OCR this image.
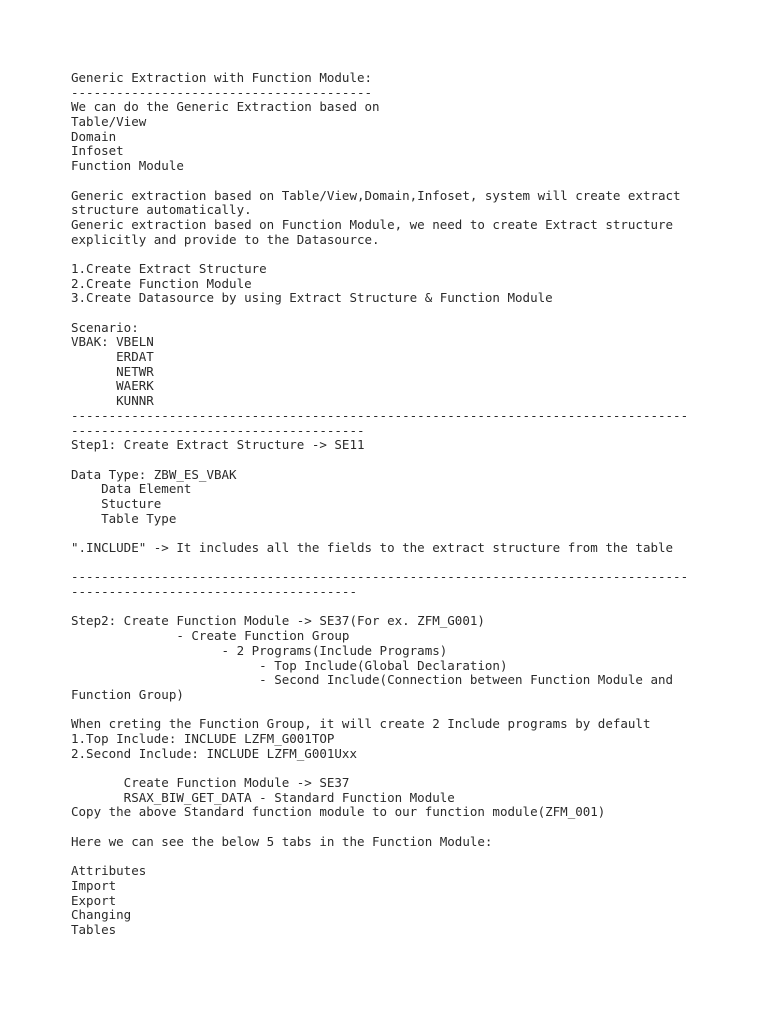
Generic Extraction with Function Module:
----------------------------------------
We can do the Generic Extraction based on
Table/View
Domain
Infoset
Function Module
Generic extraction based on Table/View,Domain,Infoset, system will create extract
structure automatically.
Generic extraction based on Function Module, we need to create Extract structure
explicitly and provide to the Datasource.
1.Create Extract Structure
2.Create Function Module
3.Create Datasource by using Extract Structure & Function Module
Scenario:
VBAK: VBELN
ERDAT
NETWR
WAERK
KUNNR
----------------------------------------------------------------------------------
---------------------------------------
Step1: Create Extract Structure -> SE11
Data Type: ZBW_ES_VBAK
Data Element
Stucture
Table Type
".INCLUDE" -> It includes all the fields to the extract structure from the table
----------------------------------------------------------------------------------
--------------------------------------
Step2: Create Function Module -> SE37(For ex. ZFM_G001)
- Create Function Group
- 2 Programs(Include Programs)
- Top Include(Global Declaration)
- Second Include(Connection between Function Module and
Function Group)
When creting the Function Group, it will create 2 Include programs by default
1.Top Include: INCLUDE LZFM_G001TOP
2.Second Include: INCLUDE LZFM_G001Uxx
Create Function Module -> SE37
RSAX_BIW_GET_DATA - Standard Function Module
Copy the above Standard function module to our function module(ZFM_001)
Here we can see the below 5 tabs in the Function Module:
Attributes
Import
Export
Changing
Tables
